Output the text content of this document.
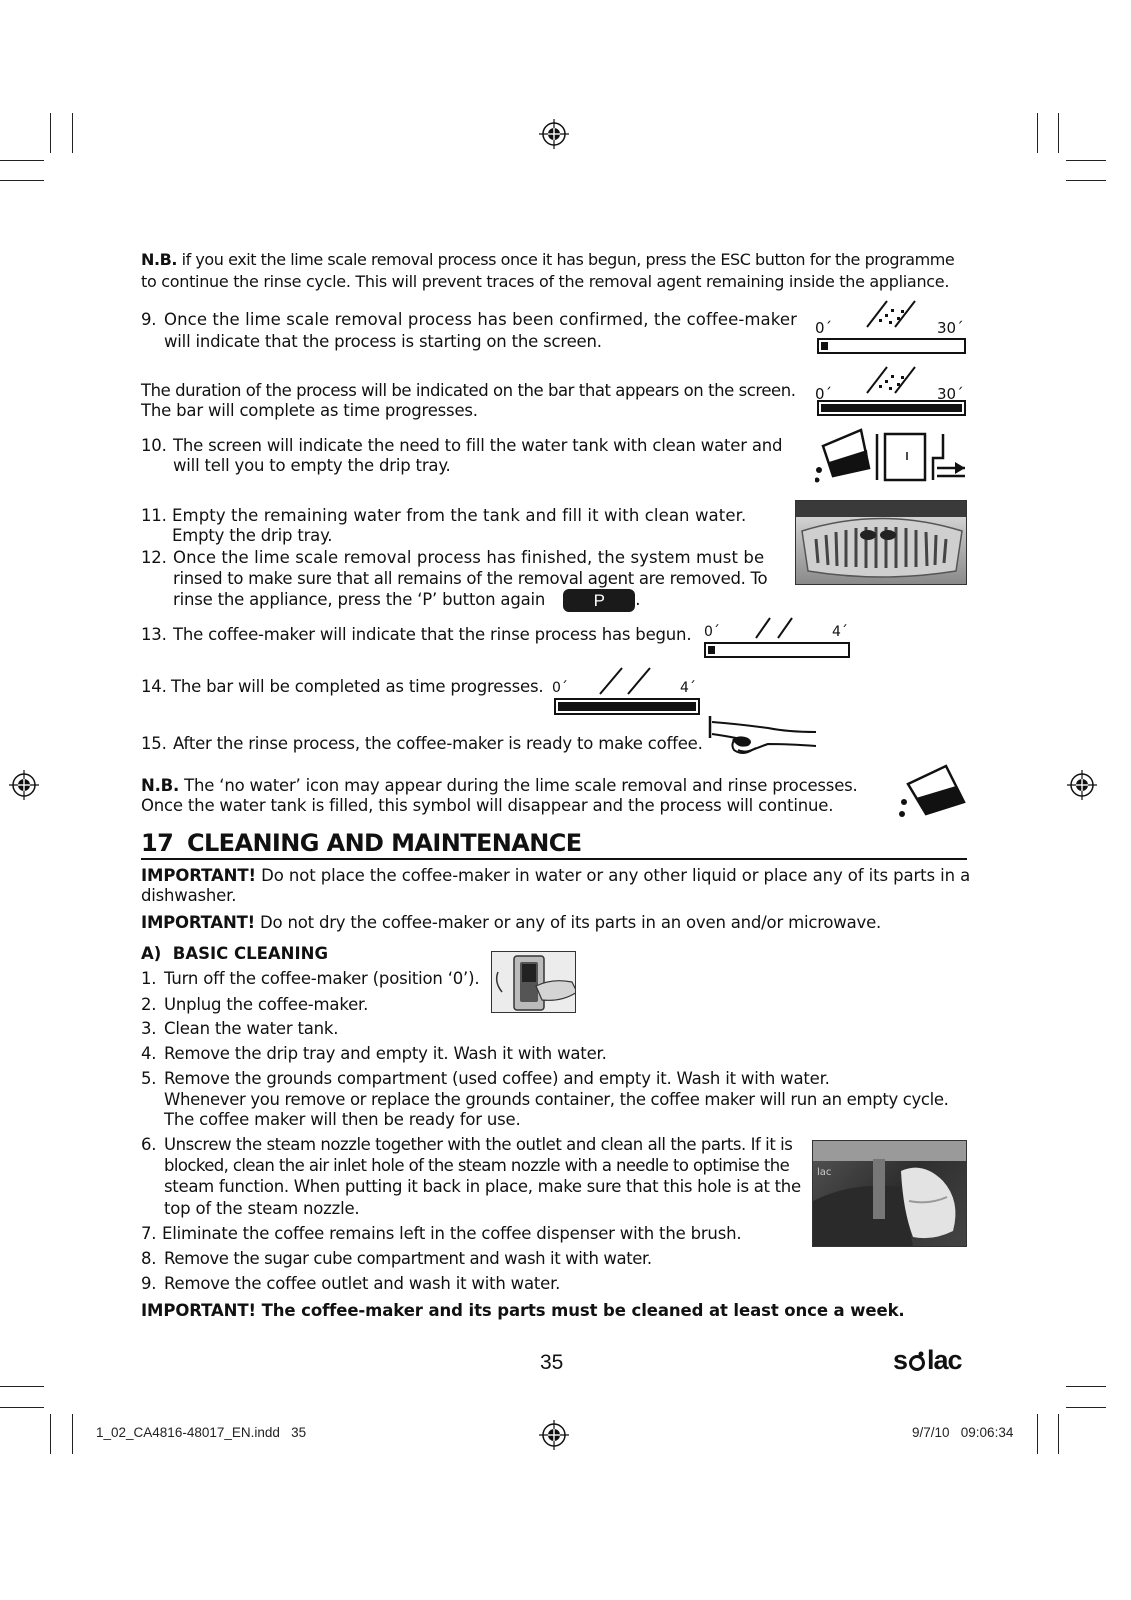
N.B. if you exit the lime scale removal process once it has begun, press the ESC button for the programme
to continue the rinse cycle. This will prevent traces of the removal agent remaining inside the appliance.
9. Once the lime scale removal process has been confirmed, the coffee-maker
will indicate that the process is starting on the screen.
The duration of the process will be indicated on the bar that appears on the screen.
The bar will complete as time progresses.
10. The screen will indicate the need to fill the water tank with clean water and
will tell you to empty the drip tray.
11. Empty the remaining water from the tank and fill it with clean water.
Empty the drip tray.
12. Once the lime scale removal process has finished, the system must be
rinsed to make sure that all remains of the removal agent are removed. To
rinse the appliance, press the ‘P’ button again	P .
13. The coffee-maker will indicate that the rinse process has begun.
14. The bar will be completed as time progresses.
15. After the rinse process, the coffee-maker is ready to make coffee.
0´	30´
0´	30´
0´	4´
0´	4´
N.B. The ‘no water’ icon may appear during the lime scale removal and rinse processes.
Once the water tank is filled, this symbol will disappear and the process will continue.
17 CLEANING AND MAINTENANCE
IMPORTANT! Do not place the coffee-maker in water or any other liquid or place any of its parts in a
dishwasher.
IMPORTANT! Do not dry the coffee-maker or any of its parts in an oven and/or microwave.
A)  BASIC CLEANING
1. Turn off the coffee-maker (position ‘0’).
2. Unplug the coffee-maker.
3. Clean the water tank.
4. Remove the drip tray and empty it. Wash it with water.
5. Remove the grounds compartment (used coffee) and empty it. Wash it with water.
Whenever you remove or replace the grounds container, the coffee maker will run an empty cycle.
The coffee maker will then be ready for use.
6. Unscrew the steam nozzle together with the outlet and clean all the parts. If it is
blocked, clean the air inlet hole of the steam nozzle with a needle to optimise the
steam function. When putting it back in place, make sure that this hole is at the
top of the steam nozzle.
7. Eliminate the coffee remains left in the coffee dispenser with the brush.
8. Remove the sugar cube compartment and wash it with water.
9. Remove the coffee outlet and wash it with water.
lac
IMPORTANT! The coffee-maker and its parts must be cleaned at least once a week.
35	s lac
1_02_CA4816-48017_EN.indd   35	9/7/10   09:06:34
